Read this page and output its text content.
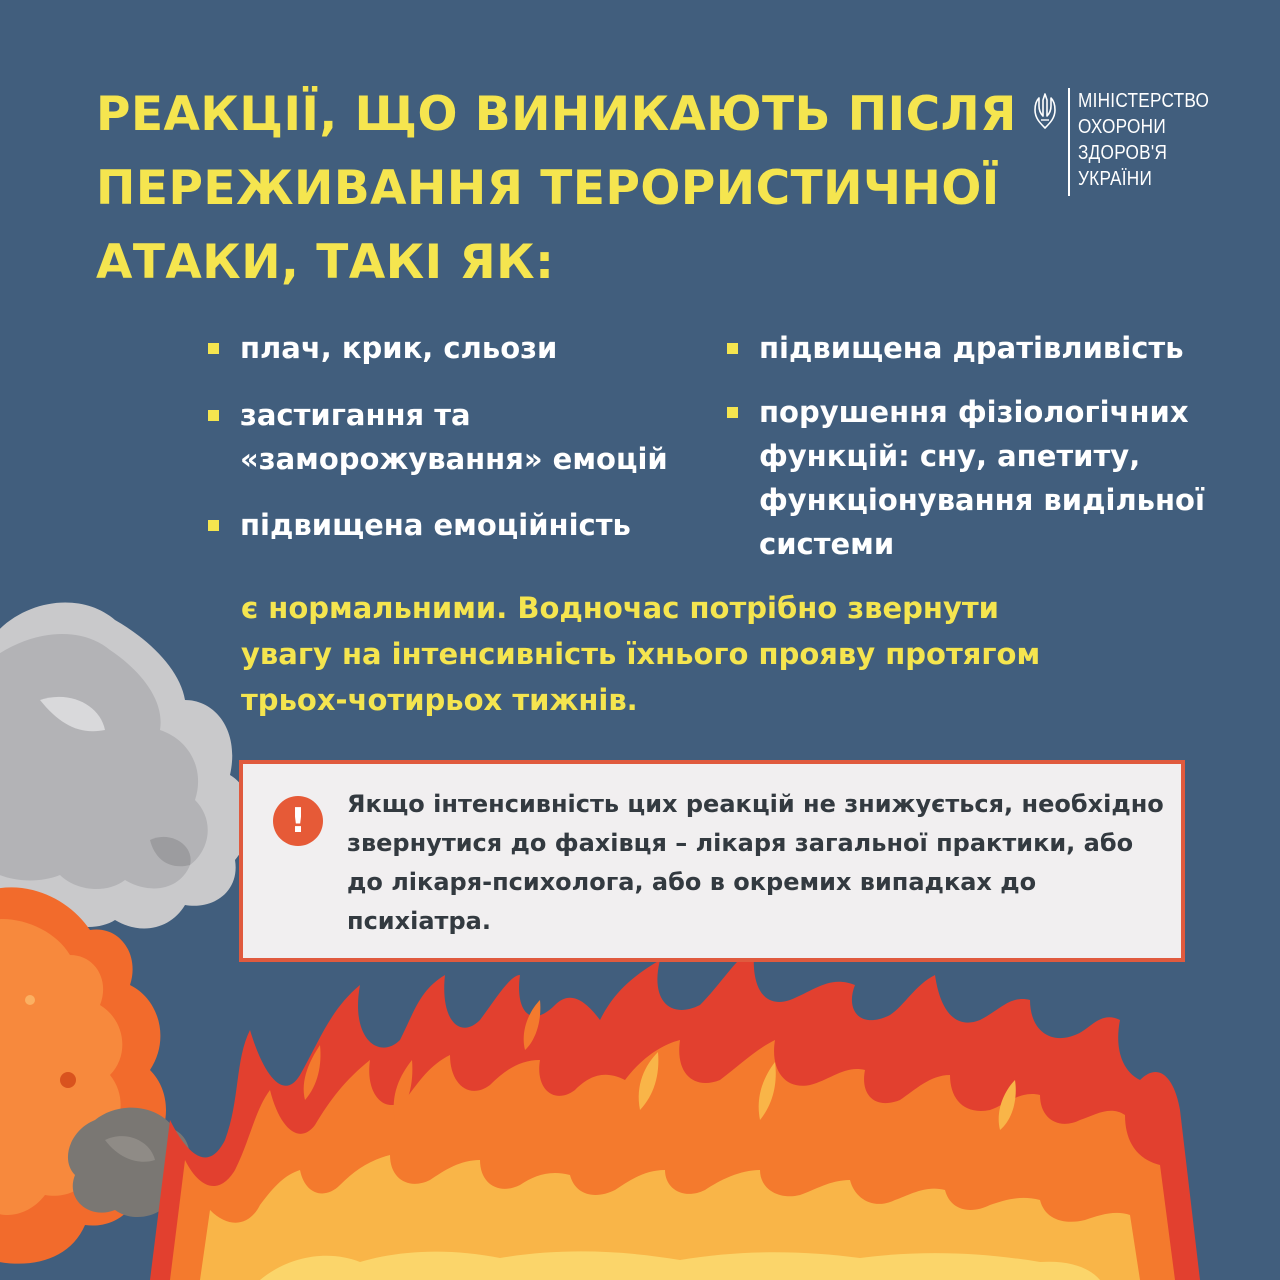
РЕАКЦІЇ, ЩО ВИНИКАЮТЬ ПІСЛЯ
ПЕРЕЖИВАННЯ ТЕРОРИСТИЧНОЇ
АТАКИ, ТАКІ ЯК:
МІНІСТЕРСТВО
ОХОРОНИ
ЗДОРОВ'Я
УКРАЇНИ
плач, крик, сльози
застигання та
«заморожування» емоцій
підвищена емоційність
підвищена дратівливість
порушення фізіологічних
функцій: сну, апетиту,
функціонування видільної
системи

є нормальними. Водночас потрібно звернути
увагу на інтенсивність їхнього прояву протягом
трьох-чотирьох тижнів.

!	Якщо інтенсивність цих реакцій не знижується, необхідно
звернутися до фахівця – лікаря загальної практики, або
до лікаря-психолога, або в окремих випадках до
психіатра.
